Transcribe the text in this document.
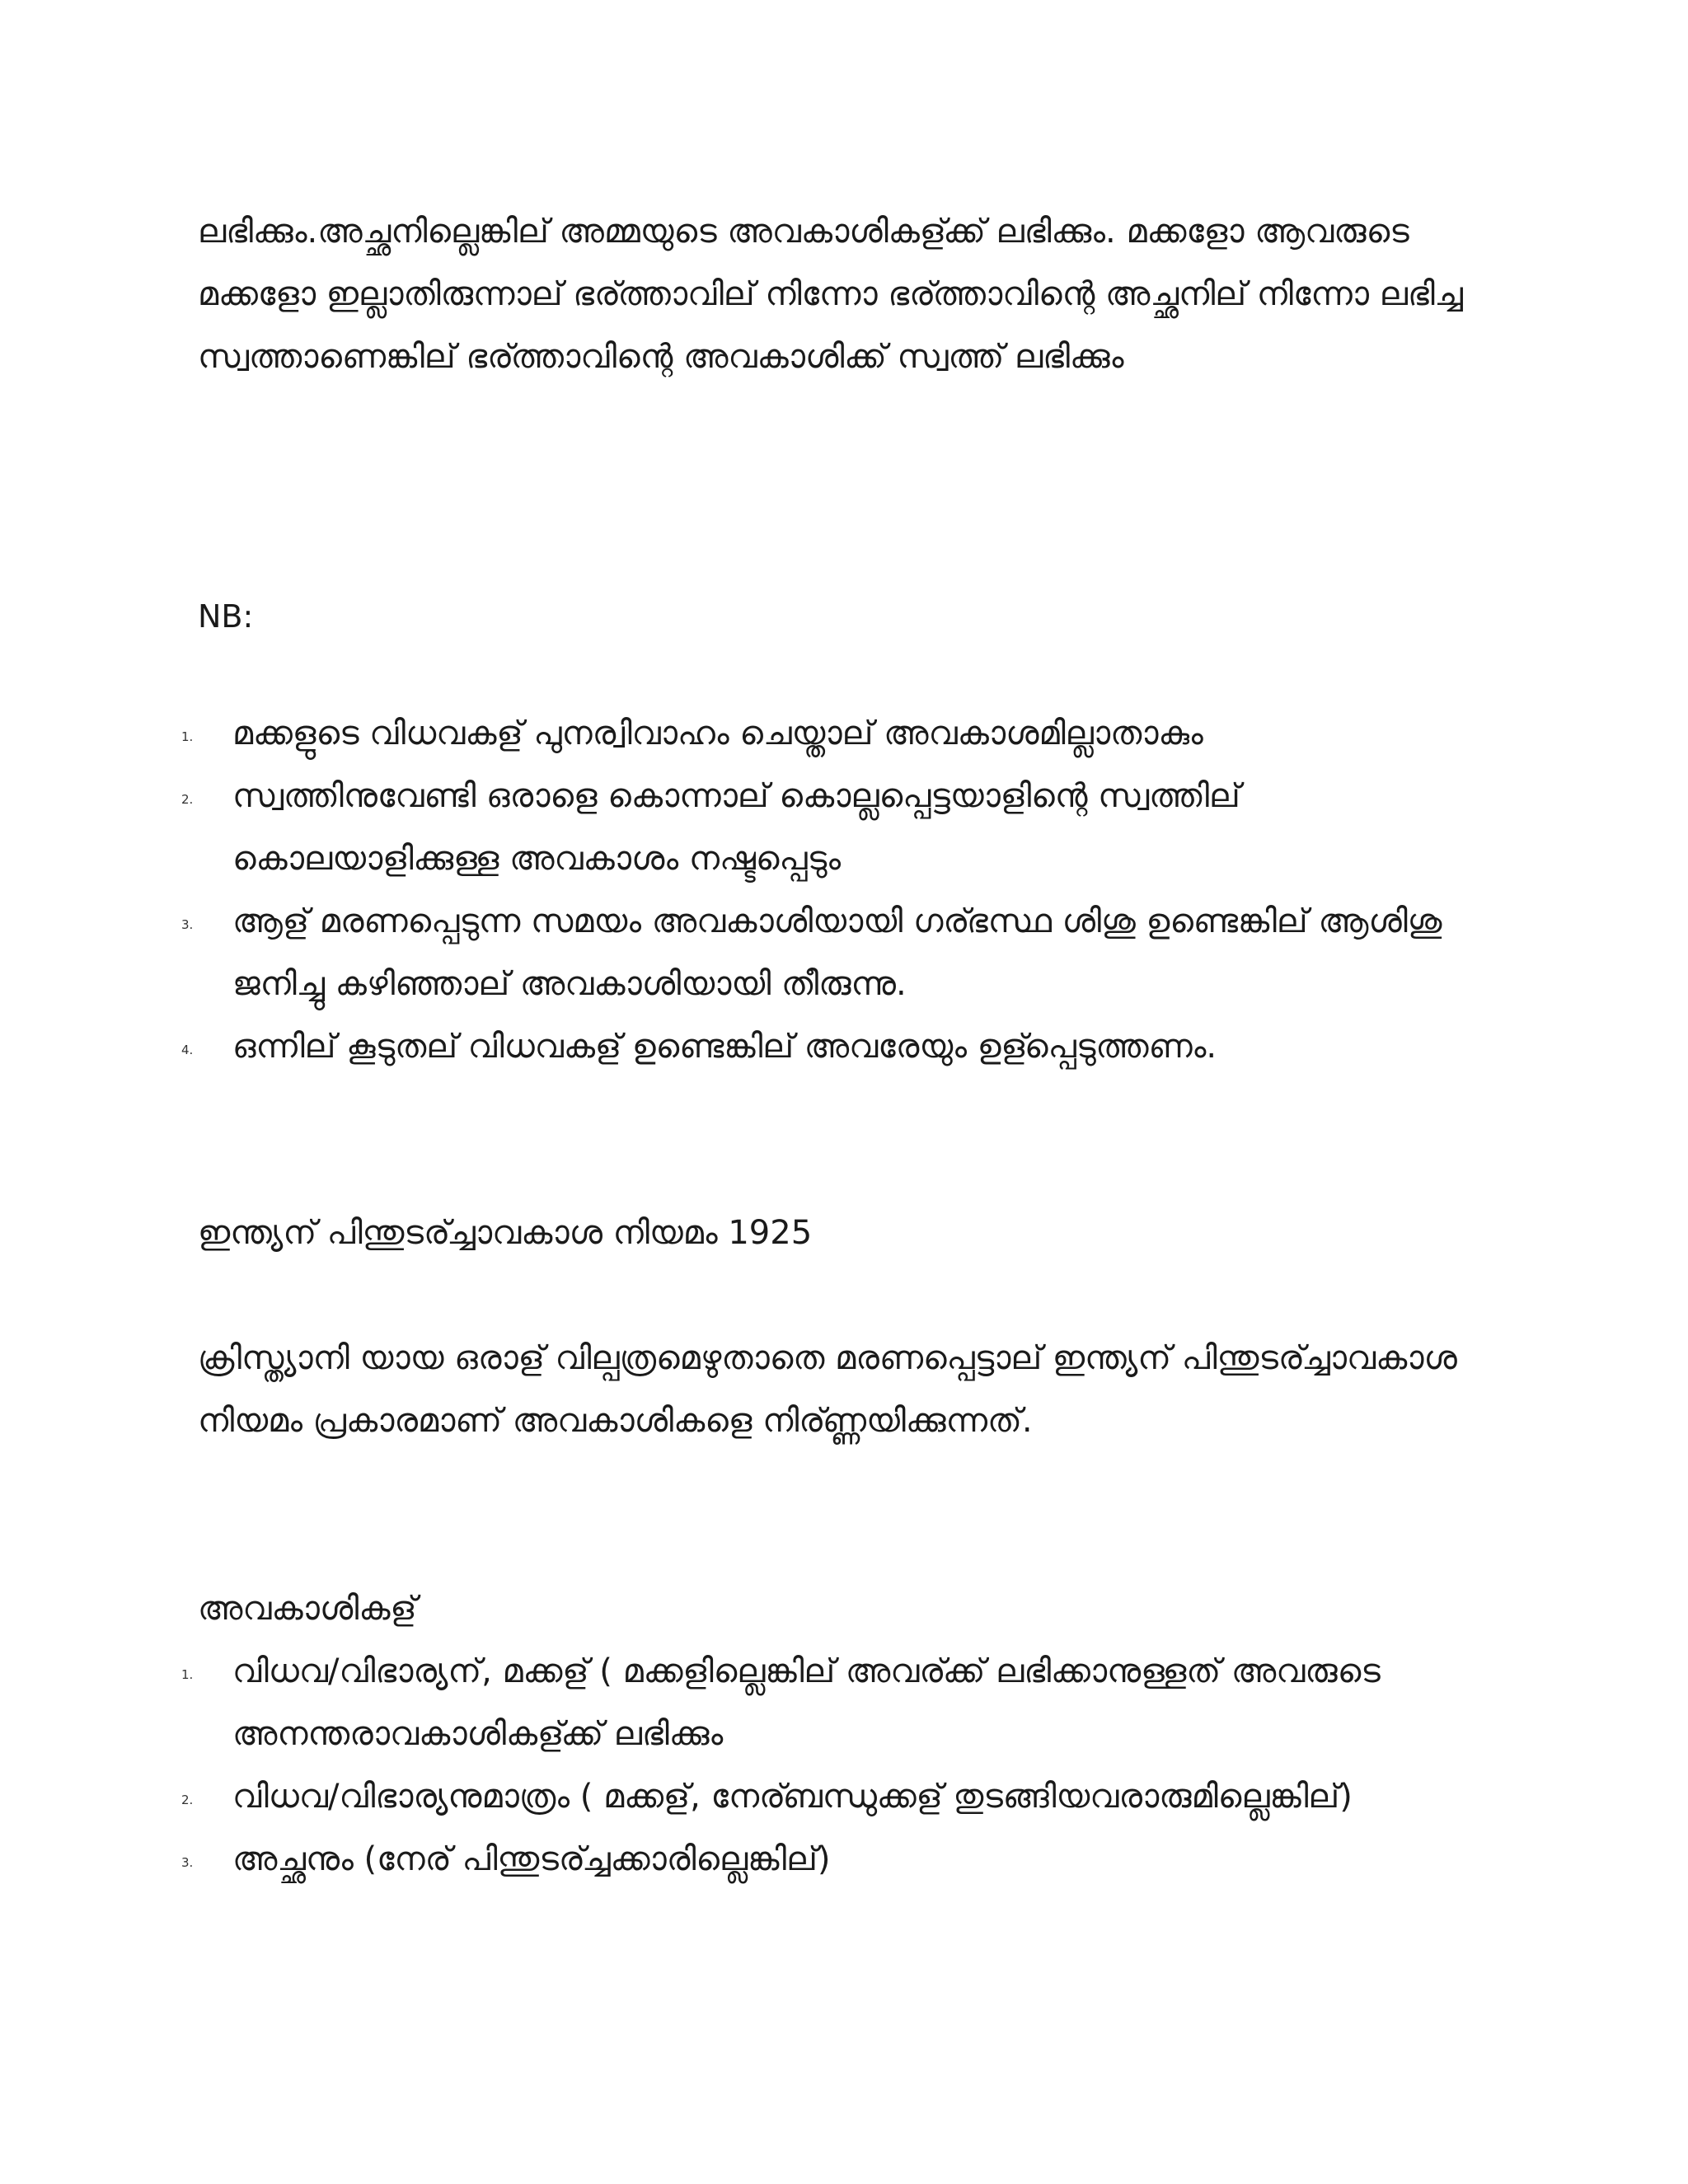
ലഭിക്കും.അച്ഛനില്ലെങ്കില് അമ്മയുടെ അവകാശികള്ക്ക് ലഭിക്കും. മക്കളോ ആവരുടെ മക്കളോ ഇല്ലാതിരുന്നാല് ഭര്ത്താവില് നിന്നോ ഭര്ത്താവിന്റെ അച്ഛനില് നിന്നോ ലഭിച്ച സ്വത്താണെങ്കില് ഭര്ത്താവിന്റെ അവകാശിക്ക് സ്വത്ത് ലഭിക്കും

NB:

1. മക്കളുടെ വിധവകള് പുനര്വിവാഹം ചെയ്താല് അവകാശമില്ലാതാകും
2. സ്വത്തിനുവേണ്ടി ഒരാളെ കൊന്നാല് കൊല്ലപ്പെട്ടയാളിന്റെ സ്വത്തില് കൊലയാളിക്കുള്ള അവകാശം നഷ്ടപ്പെടും
3. ആള് മരണപ്പെടുന്ന സമയം അവകാശിയായി ഗര്ഭസ്ഥ ശിശു ഉണ്ടെങ്കില് ആശിശു ജനിച്ചു കഴിഞ്ഞാല് അവകാശിയായി തീരുന്നു.
4. ഒന്നില് കൂടുതല് വിധവകള് ഉണ്ടെങ്കില് അവരേയും ഉള്പ്പെടുത്തണം.

ഇന്ത്യന് പിന്തുടര്ച്ചാവകാശ നിയമം 1925

ക്രിസ്ത്യാനി യായ ഒരാള് വില്പത്രമെഴുതാതെ മരണപ്പെട്ടാല് ഇന്ത്യന് പിന്തുടര്ച്ചാവകാശ നിയമം പ്രകാരമാണ് അവകാശികളെ നിര്ണ്ണയിക്കുന്നത്.

അവകാശികള്

1. വിധവ/വിഭാര്യന്, മക്കള് ( മക്കളില്ലെങ്കില് അവര്ക്ക് ലഭിക്കാനുള്ളത് അവരുടെ അനന്തരാവകാശികള്ക്ക് ലഭിക്കും
2. വിധവ/വിഭാര്യനുമാത്രം ( മക്കള്, നേര്ബന്ധുക്കള് തുടങ്ങിയവരാരുമില്ലെങ്കില്)
3. അച്ഛനും (നേര് പിന്തുടര്ച്ചക്കാരില്ലെങ്കില്)
